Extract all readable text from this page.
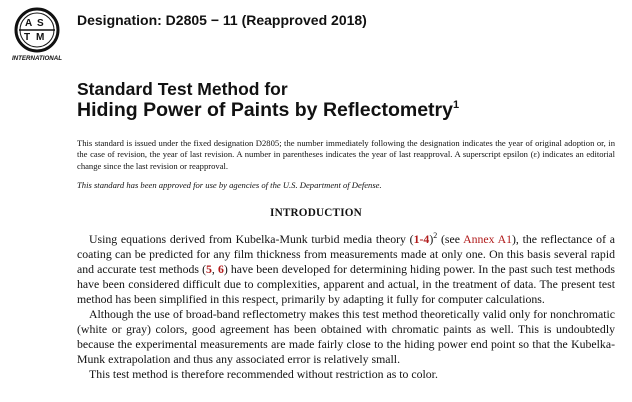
A S
T M
INTERNATIONAL
Designation: D2805 − 11 (Reapproved 2018)
Standard Test Method for
Hiding Power of Paints by Reflectometry$^1$

This standard is issued under the fixed designation D2805; the number immediately following the designation indicates the year of original adoption or, in the case of revision, the year of last revision. A number in parentheses indicates the year of last reapproval. A superscript epsilon (ε) indicates an editorial change since the last revision or reapproval.

This standard has been approved for use by agencies of the U.S. Department of Defense.

INTRODUCTION

Using equations derived from Kubelka-Munk turbid media theory $(1-4)^2$ (see Annex A1), the reflectance of a coating can be predicted for any film thickness from measurements made at only one. On this basis several rapid and accurate test methods (5, 6) have been developed for determining hiding power. In the past such test methods have been considered difficult due to complexities, apparent and actual, in the treatment of data. The present test method has been simplified in this respect, primarily by adapting it fully for computer calculations.

Although the use of broad-band reflectometry makes this test method theoretically valid only for nonchromatic (white or gray) colors, good agreement has been obtained with chromatic paints as well. This is undoubtedly because the experimental measurements are made fairly close to the hiding power end point so that the Kubelka-Munk extrapolation and thus any associated error is relatively small.

This test method is therefore recommended without restriction as to color.
